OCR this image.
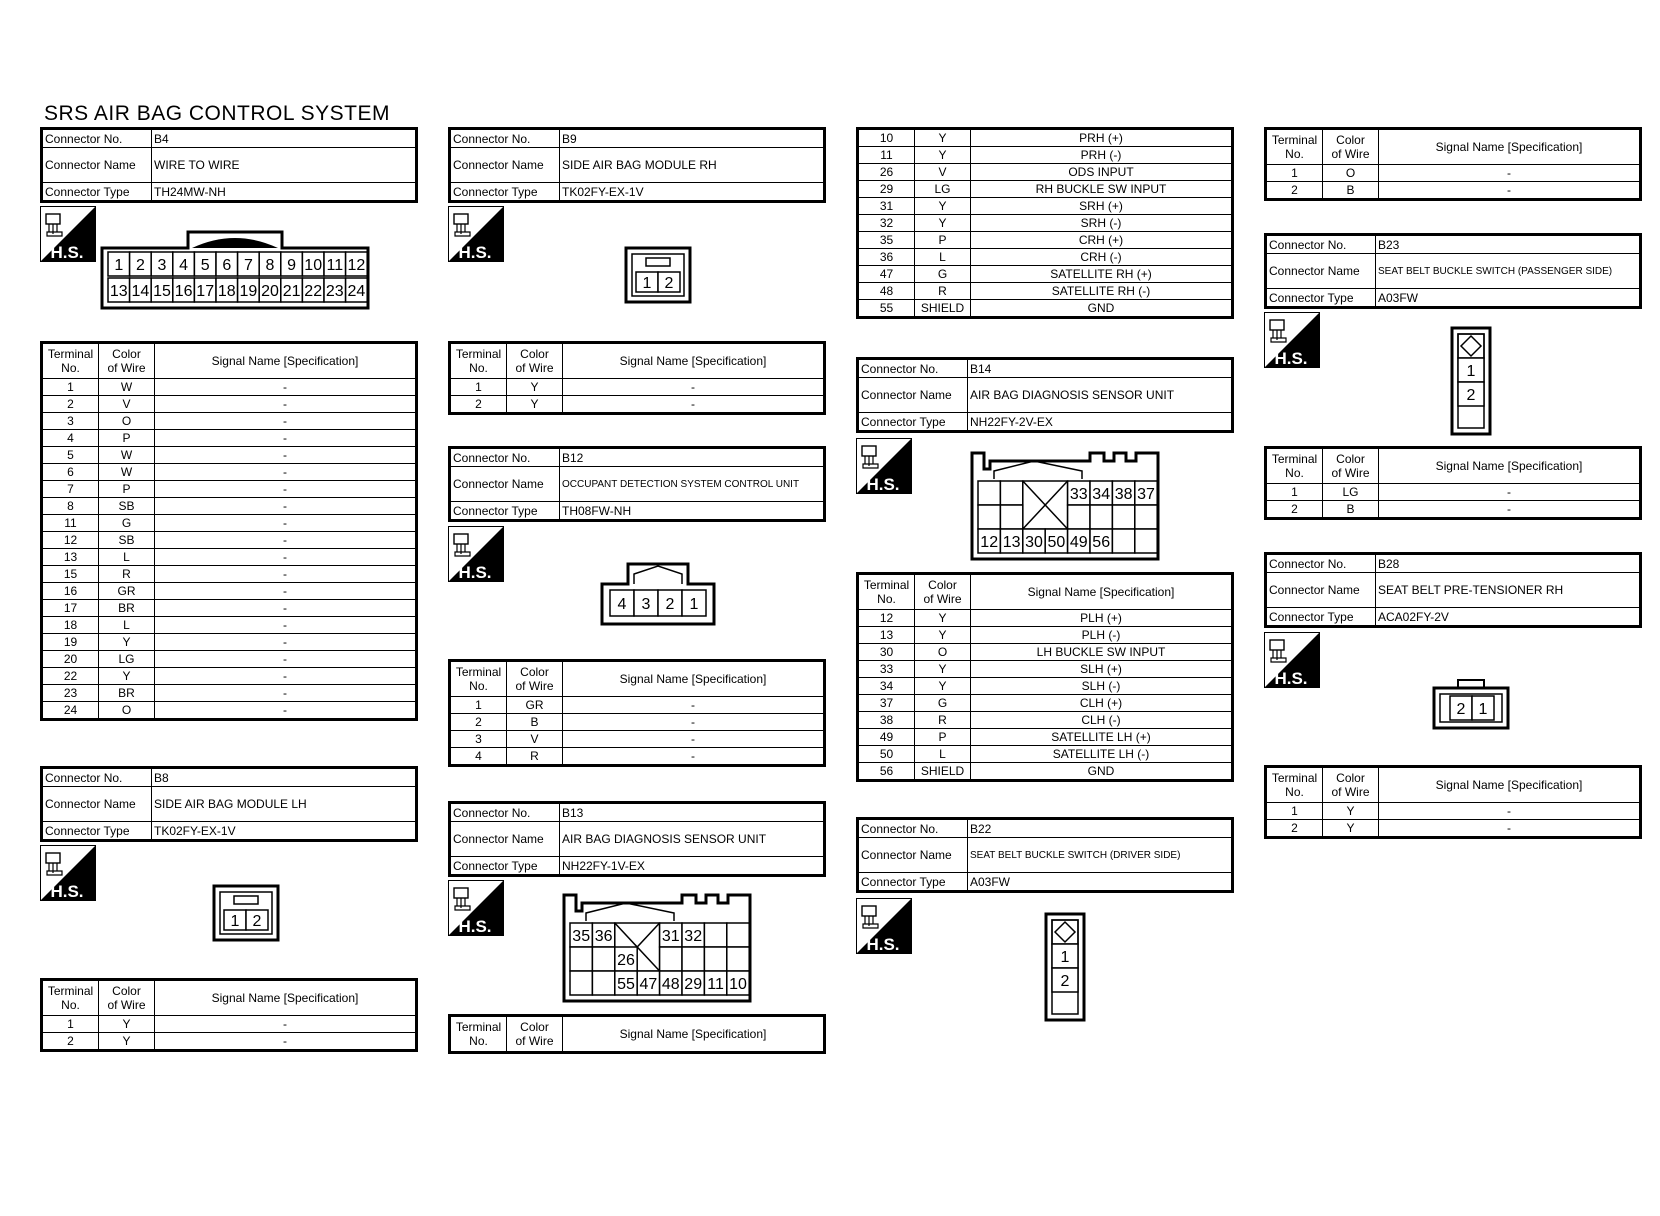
SRS AIR BAG CONTROL SYSTEM
Connector No.	B4
Connector Name	WIRE TO WIRE
Connector Type	TH24MW-NH
H.S.
1 2 3 4 5 6 7 8 9 10 11 12
13 14 15 16 17 18 19 20 21 22 23 24
Terminal
No.	Color
of Wire	Signal Name [Specification]
1	W	-
2	V	-
3	O	-
4	P	-
5	W	-
6	W	-
7	P	-
8	SB	-
11	G	-
12	SB	-
13	L	-
15	R	-
16	GR	-
17	BR	-
18	L	-
19	Y	-
20	LG	-
22	Y	-
23	BR	-
24	O	-
Connector No.	B8
Connector Name	SIDE AIR BAG MODULE LH
Connector Type	TK02FY-EX-1V
H.S.
1 2
Terminal
No.	Color
of Wire	Signal Name [Specification]
1	Y	-
2	Y	-
Connector No.	B9
Connector Name	SIDE AIR BAG MODULE RH
Connector Type	TK02FY-EX-1V
H.S.
1 2
Terminal
No.	Color
of Wire	Signal Name [Specification]
1	Y	-
2	Y	-
Connector No.	B12
Connector Name	OCCUPANT DETECTION SYSTEM CONTROL UNIT
Connector Type	TH08FW-NH
H.S.
4 3 2 1
Terminal
No.	Color
of Wire	Signal Name [Specification]
1	GR	-
2	B	-
3	V	-
4	R	-
Connector No.	B13
Connector Name	AIR BAG DIAGNOSIS SENSOR UNIT
Connector Type	NH22FY-1V-EX
H.S.
35 36	31 32
26
55 47 48 29 11 10
Terminal
No.	Color
of Wire	Signal Name [Specification]
10	Y	PRH (+)
11	Y	PRH (-)
26	V	ODS INPUT
29	LG	RH BUCKLE SW INPUT
31	Y	SRH (+)
32	Y	SRH (-)
35	P	CRH (+)
36	L	CRH (-)
47	G	SATELLITE RH (+)
48	R	SATELLITE RH (-)
55	SHIELD	GND
Connector No.	B14
Connector Name	AIR BAG DIAGNOSIS SENSOR UNIT
Connector Type	NH22FY-2V-EX
H.S.
33 34 38 37
12 13 30 50 49 56
Terminal
No.	Color
of Wire	Signal Name [Specification]
12	Y	PLH (+)
13	Y	PLH (-)
30	O	LH BUCKLE SW INPUT
33	Y	SLH (+)
34	Y	SLH (-)
37	G	CLH (+)
38	R	CLH (-)
49	P	SATELLITE LH (+)
50	L	SATELLITE LH (-)
56	SHIELD	GND
Connector No.	B22
Connector Name	SEAT BELT BUCKLE SWITCH (DRIVER SIDE)
Connector Type	A03FW
H.S.
1
2
Terminal
No.	Color
of Wire	Signal Name [Specification]
1	O	-
2	B	-
Connector No.	B23
Connector Name	SEAT BELT BUCKLE SWITCH (PASSENGER SIDE)
Connector Type	A03FW
H.S.
1
2
Terminal
No.	Color
of Wire	Signal Name [Specification]
1	LG	-
2	B	-
Connector No.	B28
Connector Name	SEAT BELT PRE-TENSIONER RH
Connector Type	ACA02FY-2V
H.S.
2 1
Terminal
No.	Color
of Wire	Signal Name [Specification]
1	Y	-
2	Y	-
